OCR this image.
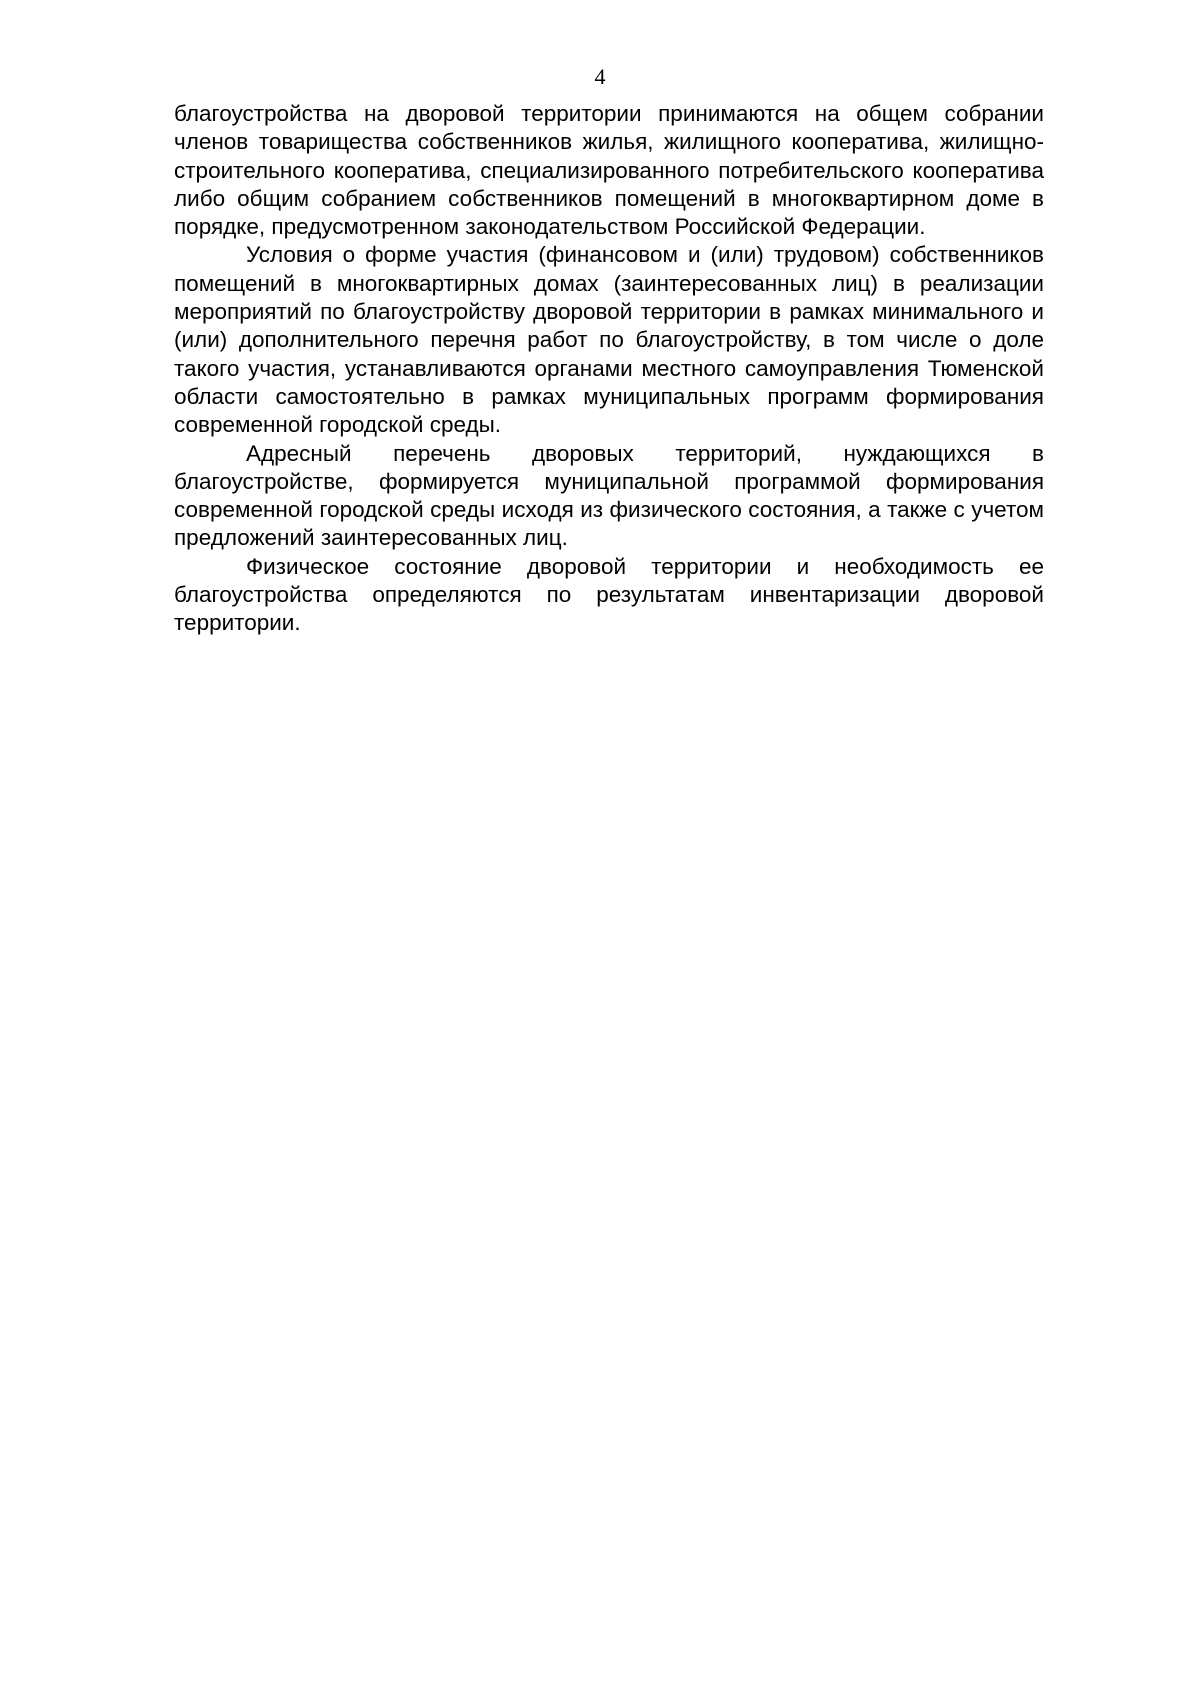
4

благоустройства на дворовой территории принимаются на общем собрании членов товарищества собственников жилья, жилищного кооператива, жилищно-строительного кооператива, специализированного потребительского кооператива либо общим собранием собственников помещений в многоквартирном доме в порядке, предусмотренном законодательством Российской Федерации.

Условия о форме участия (финансовом и (или) трудовом) собственников помещений в многоквартирных домах (заинтересованных лиц) в реализации мероприятий по благоустройству дворовой территории в рамках минимального и (или) дополнительного перечня работ по благоустройству, в том числе о доле такого участия, устанавливаются органами местного самоуправления Тюменской области самостоятельно в рамках муниципальных программ формирования современной городской среды.

Адресный перечень дворовых территорий, нуждающихся в благоустройстве, формируется муниципальной программой формирования современной городской среды исходя из физического состояния, а также с учетом предложений заинтересованных лиц.

Физическое состояние дворовой территории и необходимость ее благоустройства определяются по результатам инвентаризации дворовой территории.
